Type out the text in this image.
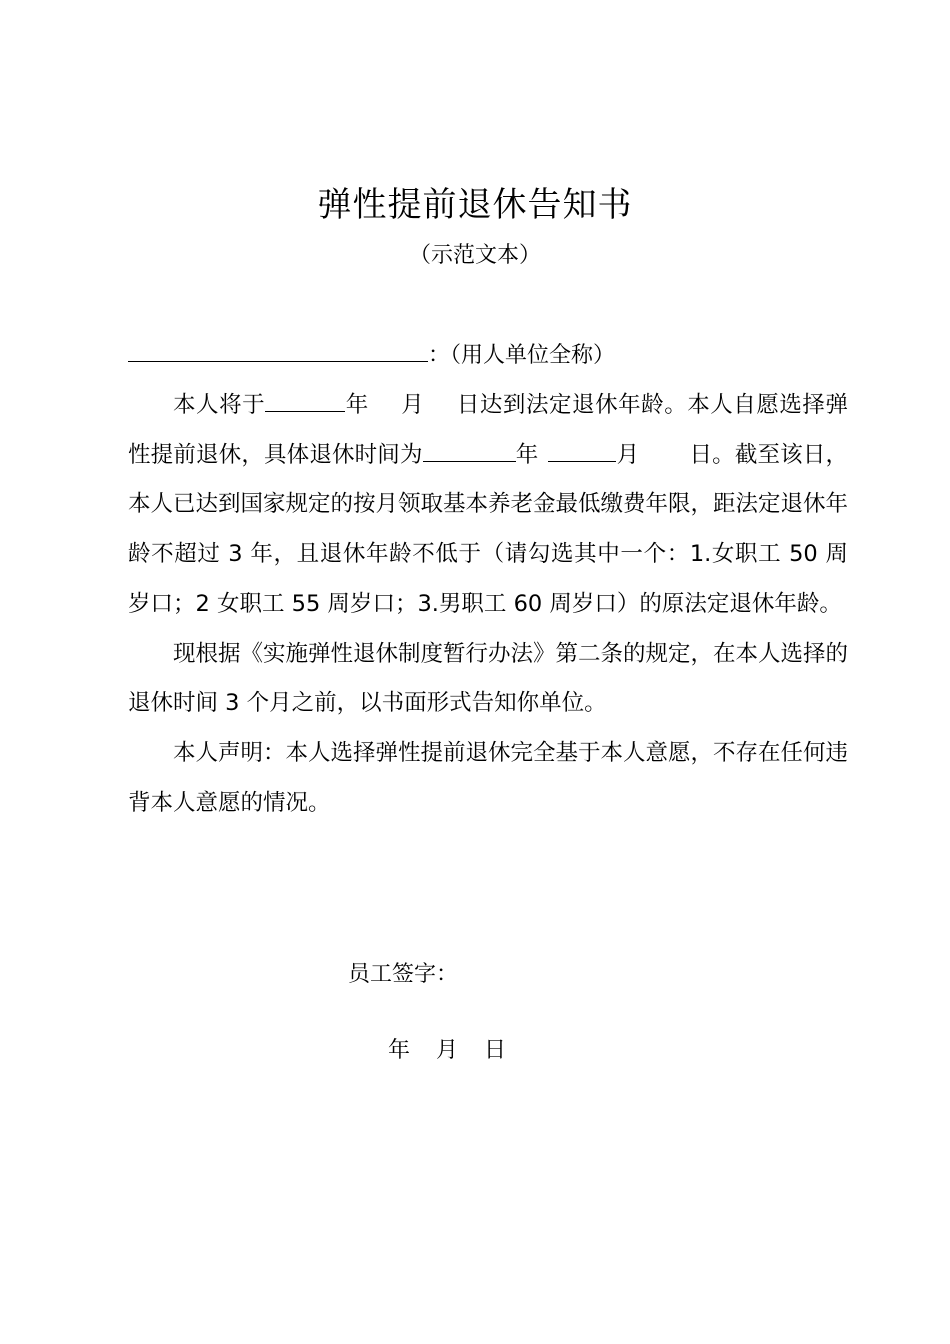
弹性提前退休告知书
（示范文本）
：（用人单位全称）

本人将于	年 月 日达到法定退休年龄。本人自愿选择弹性提前退休，具体退休时间为	年	月 日。截至该日，本人已达到国家规定的按月领取基本养老金最低缴费年限，距法定退休年龄不超过 3 年，且退休年龄不低于（请勾选其中一个：1.女职工 50 周岁口；2 女职工 55 周岁口；3.男职工 60 周岁口）的原法定退休年龄。

现根据《实施弹性退休制度暂行办法》第二条的规定，在本人选择的退休时间 3 个月之前，以书面形式告知你单位。

本人声明：本人选择弹性提前退休完全基于本人意愿，不存在任何违背本人意愿的情况。

员工签字：
年 月 日
